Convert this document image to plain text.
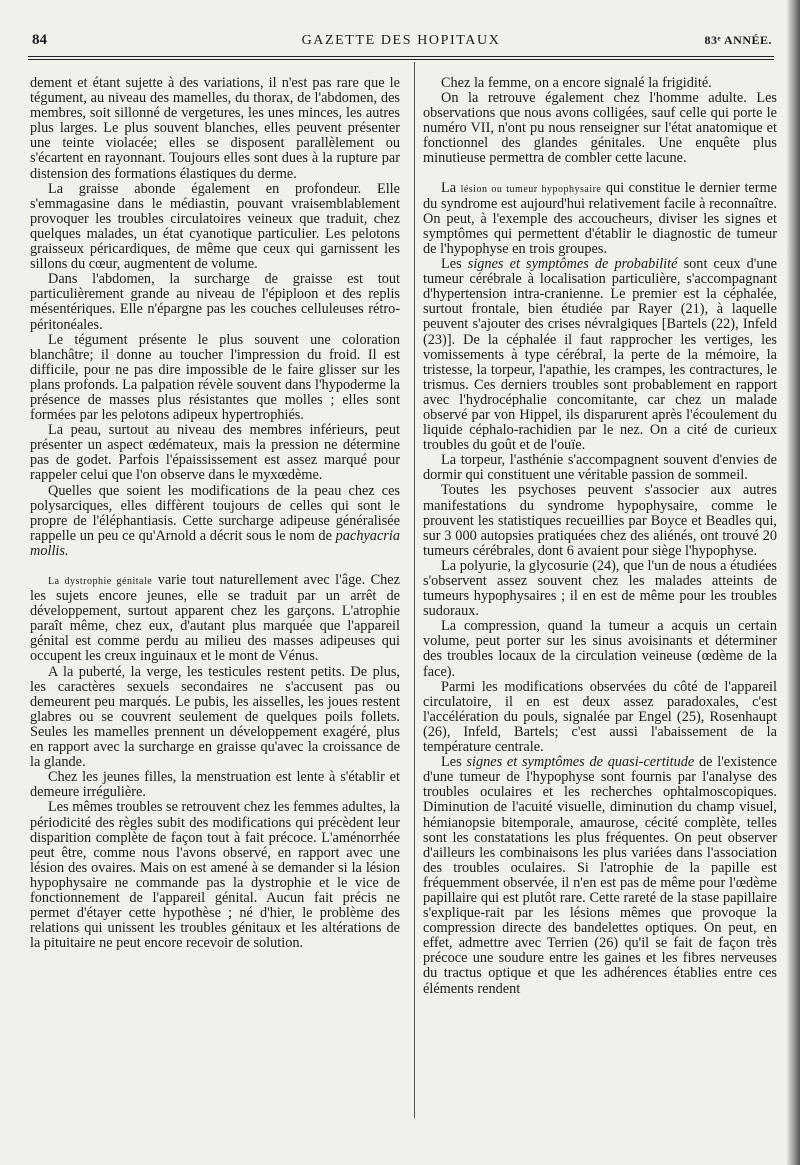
84	GAZETTE DES HOPITAUX	83ᵉ ANNÉE.

dement et étant sujette à des variations, il n'est pas rare que le tégument, au niveau des mamelles, du thorax, de l'abdomen, des membres, soit sillonné de vergetures, les unes minces, les autres plus larges. Le plus souvent blanches, elles peuvent présenter une teinte violacée; elles se disposent parallèlement ou s'écartent en rayonnant. Toujours elles sont dues à la rupture par distension des formations élastiques du derme.

La graisse abonde également en profondeur. Elle s'emmagasine dans le médiastin, pouvant vraisemblablement provoquer les troubles circulatoires veineux que traduit, chez quelques malades, un état cyanotique particulier. Les pelotons graisseux péricardiques, de même que ceux qui garnissent les sillons du cœur, augmentent de volume.

Dans l'abdomen, la surcharge de graisse est tout particulièrement grande au niveau de l'épiploon et des replis mésentériques. Elle n'épargne pas les couches celluleuses rétro-péritonéales.

Le tégument présente le plus souvent une coloration blanchâtre; il donne au toucher l'impression du froid. Il est difficile, pour ne pas dire impossible de le faire glisser sur les plans profonds. La palpation révèle souvent dans l'hypoderme la présence de masses plus résistantes que molles ; elles sont formées par les pelotons adipeux hypertrophiés.

La peau, surtout au niveau des membres inférieurs, peut présenter un aspect œdémateux, mais la pression ne détermine pas de godet. Parfois l'épaississement est assez marqué pour rappeler celui que l'on observe dans le myxœdème.

Quelles que soient les modifications de la peau chez ces polysarciques, elles diffèrent toujours de celles qui sont le propre de l'éléphantiasis. Cette surcharge adipeuse généralisée rappelle un peu ce qu'Arnold a décrit sous le nom de pachyacria mollis.

La dystrophie génitale varie tout naturellement avec l'âge. Chez les sujets encore jeunes, elle se traduit par un arrêt de développement, surtout apparent chez les garçons. L'atrophie paraît même, chez eux, d'autant plus marquée que l'appareil génital est comme perdu au milieu des masses adipeuses qui occupent les creux inguinaux et le mont de Vénus.

A la puberté, la verge, les testicules restent petits. De plus, les caractères sexuels secondaires ne s'accusent pas ou demeurent peu marqués. Le pubis, les aisselles, les joues restent glabres ou se couvrent seulement de quelques poils follets. Seules les mamelles prennent un développement exagéré, plus en rapport avec la surcharge en graisse qu'avec la croissance de la glande.

Chez les jeunes filles, la menstruation est lente à s'établir et demeure irrégulière.

Les mêmes troubles se retrouvent chez les femmes adultes, la périodicité des règles subit des modifications qui précèdent leur disparition complète de façon tout à fait précoce. L'aménorrhée peut être, comme nous l'avons observé, en rapport avec une lésion des ovaires. Mais on est amené à se demander si la lésion hypophysaire ne commande pas la dystrophie et le vice de fonctionnement de l'appareil génital. Aucun fait précis ne permet d'étayer cette hypothèse ; né d'hier, le problème des relations qui unissent les troubles génitaux et les altérations de la pituitaire ne peut encore recevoir de solution.

Chez la femme, on a encore signalé la frigidité.

On la retrouve également chez l'homme adulte. Les observations que nous avons colligées, sauf celle qui porte le numéro VII, n'ont pu nous renseigner sur l'état anatomique et fonctionnel des glandes génitales. Une enquête plus minutieuse permettra de combler cette lacune.

La lésion ou tumeur hypophysaire qui constitue le dernier terme du syndrome est aujourd'hui relativement facile à reconnaître. On peut, à l'exemple des accoucheurs, diviser les signes et symptômes qui permettent d'établir le diagnostic de tumeur de l'hypophyse en trois groupes.

Les signes et symptômes de probabilité sont ceux d'une tumeur cérébrale à localisation particulière, s'accompagnant d'hypertension intra-cranienne. Le premier est la céphalée, surtout frontale, bien étudiée par Rayer (21), à laquelle peuvent s'ajouter des crises névralgiques [Bartels (22), Infeld (23)]. De la céphalée il faut rapprocher les vertiges, les vomissements à type cérébral, la perte de la mémoire, la tristesse, la torpeur, l'apathie, les crampes, les contractures, le trismus. Ces derniers troubles sont probablement en rapport avec l'hydrocéphalie concomitante, car chez un malade observé par von Hippel, ils disparurent après l'écoulement du liquide céphalo-rachidien par le nez. On a cité de curieux troubles du goût et de l'ouïe.

La torpeur, l'asthénie s'accompagnent souvent d'envies de dormir qui constituent une véritable passion de sommeil.

Toutes les psychoses peuvent s'associer aux autres manifestations du syndrome hypophysaire, comme le prouvent les statistiques recueillies par Boyce et Beadles qui, sur 3 000 autopsies pratiquées chez des aliénés, ont trouvé 20 tumeurs cérébrales, dont 6 avaient pour siège l'hypophyse.

La polyurie, la glycosurie (24), que l'un de nous a étudiées s'observent assez souvent chez les malades atteints de tumeurs hypophysaires ; il en est de même pour les troubles sudoraux.

La compression, quand la tumeur a acquis un certain volume, peut porter sur les sinus avoisinants et déterminer des troubles locaux de la circulation veineuse (œdème de la face).

Parmi les modifications observées du côté de l'appareil circulatoire, il en est deux assez paradoxales, c'est l'accélération du pouls, signalée par Engel (25), Rosenhaupt (26), Infeld, Bartels; c'est aussi l'abaissement de la température centrale.

Les signes et symptômes de quasi-certitude de l'existence d'une tumeur de l'hypophyse sont fournis par l'analyse des troubles oculaires et les recherches ophtalmoscopiques. Diminution de l'acuité visuelle, diminution du champ visuel, hémianopsie bitemporale, amaurose, cécité complète, telles sont les constatations les plus fréquentes. On peut observer d'ailleurs les combinaisons les plus variées dans l'association des troubles oculaires. Si l'atrophie de la papille est fréquemment observée, il n'en est pas de même pour l'œdème papillaire qui est plutôt rare. Cette rareté de la stase papillaire s'explique-rait par les lésions mêmes que provoque la compression directe des bandelettes optiques. On peut, en effet, admettre avec Terrien (26) qu'il se fait de façon très précoce une soudure entre les gaines et les fibres nerveuses du tractus optique et que les adhérences établies entre ces éléments rendent
